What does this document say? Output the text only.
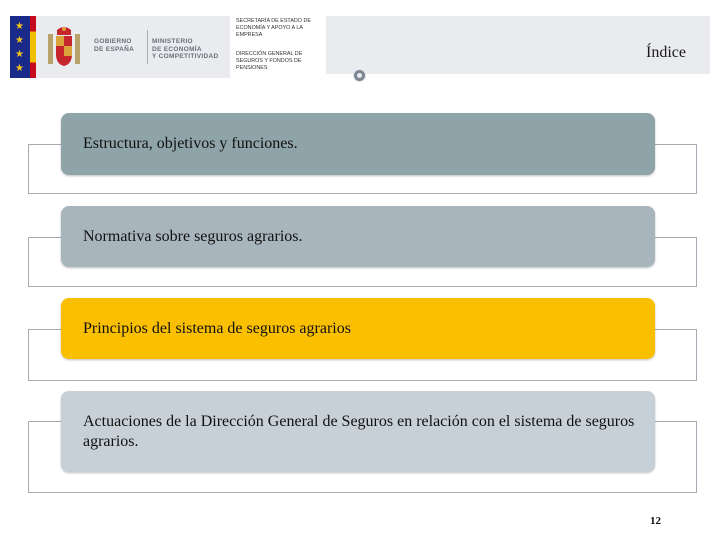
★
★
★
★
GOBIERNO
DE ESPAÑA
MINISTERIO
DE ECONOMÍA
Y COMPETITIVIDAD
SECRETARÍA DE ESTADO DE ECONOMÍA Y APOYO A LA EMPRESA
DIRECCIÓN GENERAL DE SEGUROS Y FONDOS DE PENSIONES
Índice
Estructura, objetivos y funciones.
Normativa sobre seguros agrarios.
Principios del sistema de seguros agrarios
Actuaciones de la Dirección General de Seguros en relación con el sistema de seguros agrarios.
12
